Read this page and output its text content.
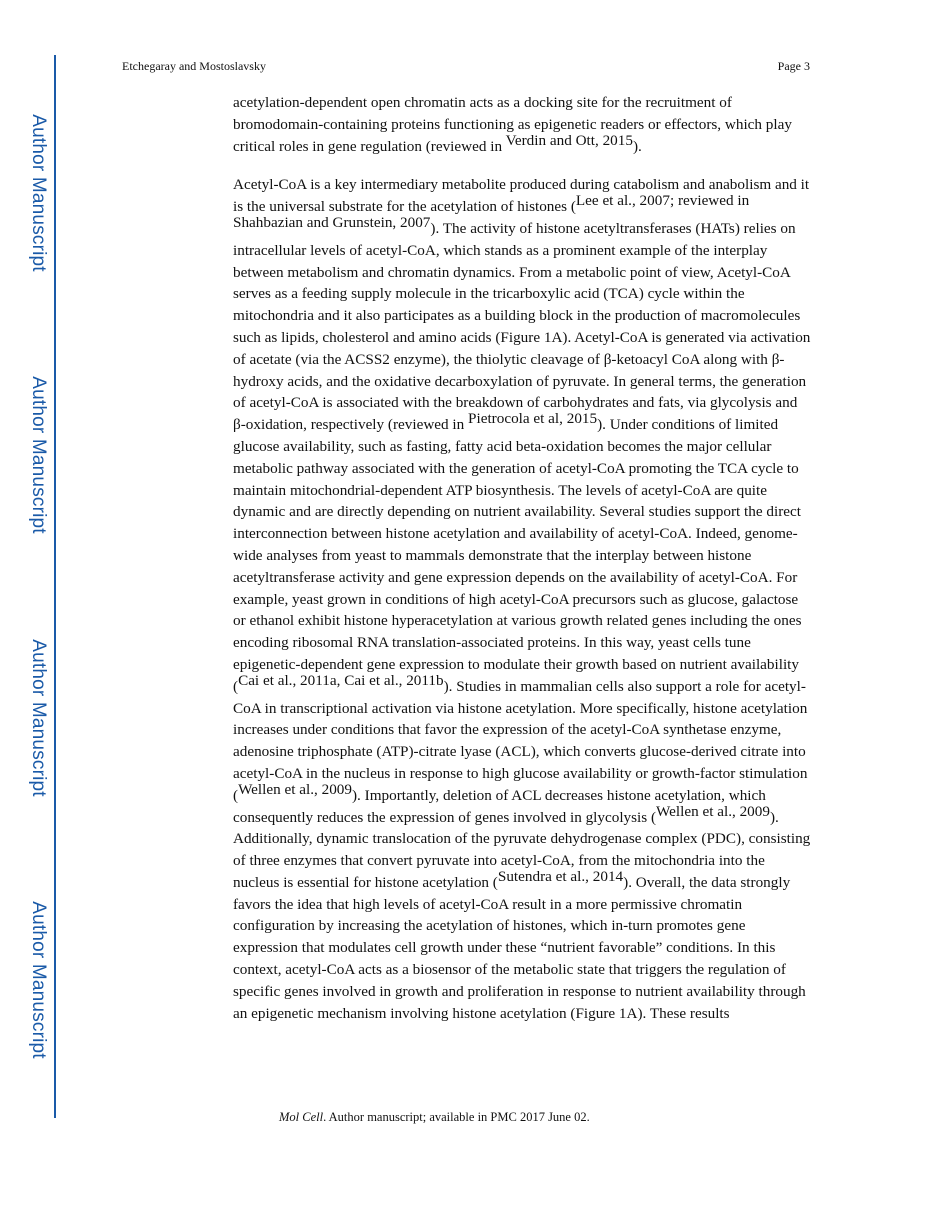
Author Manuscript
Author Manuscript
Author Manuscript
Author Manuscript
Etchegaray and Mostoslavsky	Page 3

acetylation-dependent open chromatin acts as a docking site for the recruitment of bromodomain-containing proteins functioning as epigenetic readers or effectors, which play critical roles in gene regulation (reviewed in Verdin and Ott, 2015).

Acetyl-CoA is a key intermediary metabolite produced during catabolism and anabolism and it is the universal substrate for the acetylation of histones (Lee et al., 2007; reviewed in Shahbazian and Grunstein, 2007). The activity of histone acetyltransferases (HATs) relies on intracellular levels of acetyl-CoA, which stands as a prominent example of the interplay between metabolism and chromatin dynamics. From a metabolic point of view, Acetyl-CoA serves as a feeding supply molecule in the tricarboxylic acid (TCA) cycle within the mitochondria and it also participates as a building block in the production of macromolecules such as lipids, cholesterol and amino acids (Figure 1A). Acetyl-CoA is generated via activation of acetate (via the ACSS2 enzyme), the thiolytic cleavage of β-ketoacyl CoA along with β-hydroxy acids, and the oxidative decarboxylation of pyruvate. In general terms, the generation of acetyl-CoA is associated with the breakdown of carbohydrates and fats, via glycolysis and β-oxidation, respectively (reviewed in Pietrocola et al, 2015). Under conditions of limited glucose availability, such as fasting, fatty acid beta-oxidation becomes the major cellular metabolic pathway associated with the generation of acetyl-CoA promoting the TCA cycle to maintain mitochondrial-dependent ATP biosynthesis. The levels of acetyl-CoA are quite dynamic and are directly depending on nutrient availability. Several studies support the direct interconnection between histone acetylation and availability of acetyl-CoA. Indeed, genome-wide analyses from yeast to mammals demonstrate that the interplay between histone acetyltransferase activity and gene expression depends on the availability of acetyl-CoA. For example, yeast grown in conditions of high acetyl-CoA precursors such as glucose, galactose or ethanol exhibit histone hyperacetylation at various growth related genes including the ones encoding ribosomal RNA translation-associated proteins. In this way, yeast cells tune epigenetic-dependent gene expression to modulate their growth based on nutrient availability (Cai et al., 2011a, Cai et al., 2011b). Studies in mammalian cells also support a role for acetyl-CoA in transcriptional activation via histone acetylation. More specifically, histone acetylation increases under conditions that favor the expression of the acetyl-CoA synthetase enzyme, adenosine triphosphate (ATP)-citrate lyase (ACL), which converts glucose-derived citrate into acetyl-CoA in the nucleus in response to high glucose availability or growth-factor stimulation (Wellen et al., 2009). Importantly, deletion of ACL decreases histone acetylation, which consequently reduces the expression of genes involved in glycolysis (Wellen et al., 2009). Additionally, dynamic translocation of the pyruvate dehydrogenase complex (PDC), consisting of three enzymes that convert pyruvate into acetyl-CoA, from the mitochondria into the nucleus is essential for histone acetylation (Sutendra et al., 2014). Overall, the data strongly favors the idea that high levels of acetyl-CoA result in a more permissive chromatin configuration by increasing the acetylation of histones, which in-turn promotes gene expression that modulates cell growth under these “nutrient favorable” conditions. In this context, acetyl-CoA acts as a biosensor of the metabolic state that triggers the regulation of specific genes involved in growth and proliferation in response to nutrient availability through an epigenetic mechanism involving histone acetylation (Figure 1A). These results

Mol Cell. Author manuscript; available in PMC 2017 June 02.
